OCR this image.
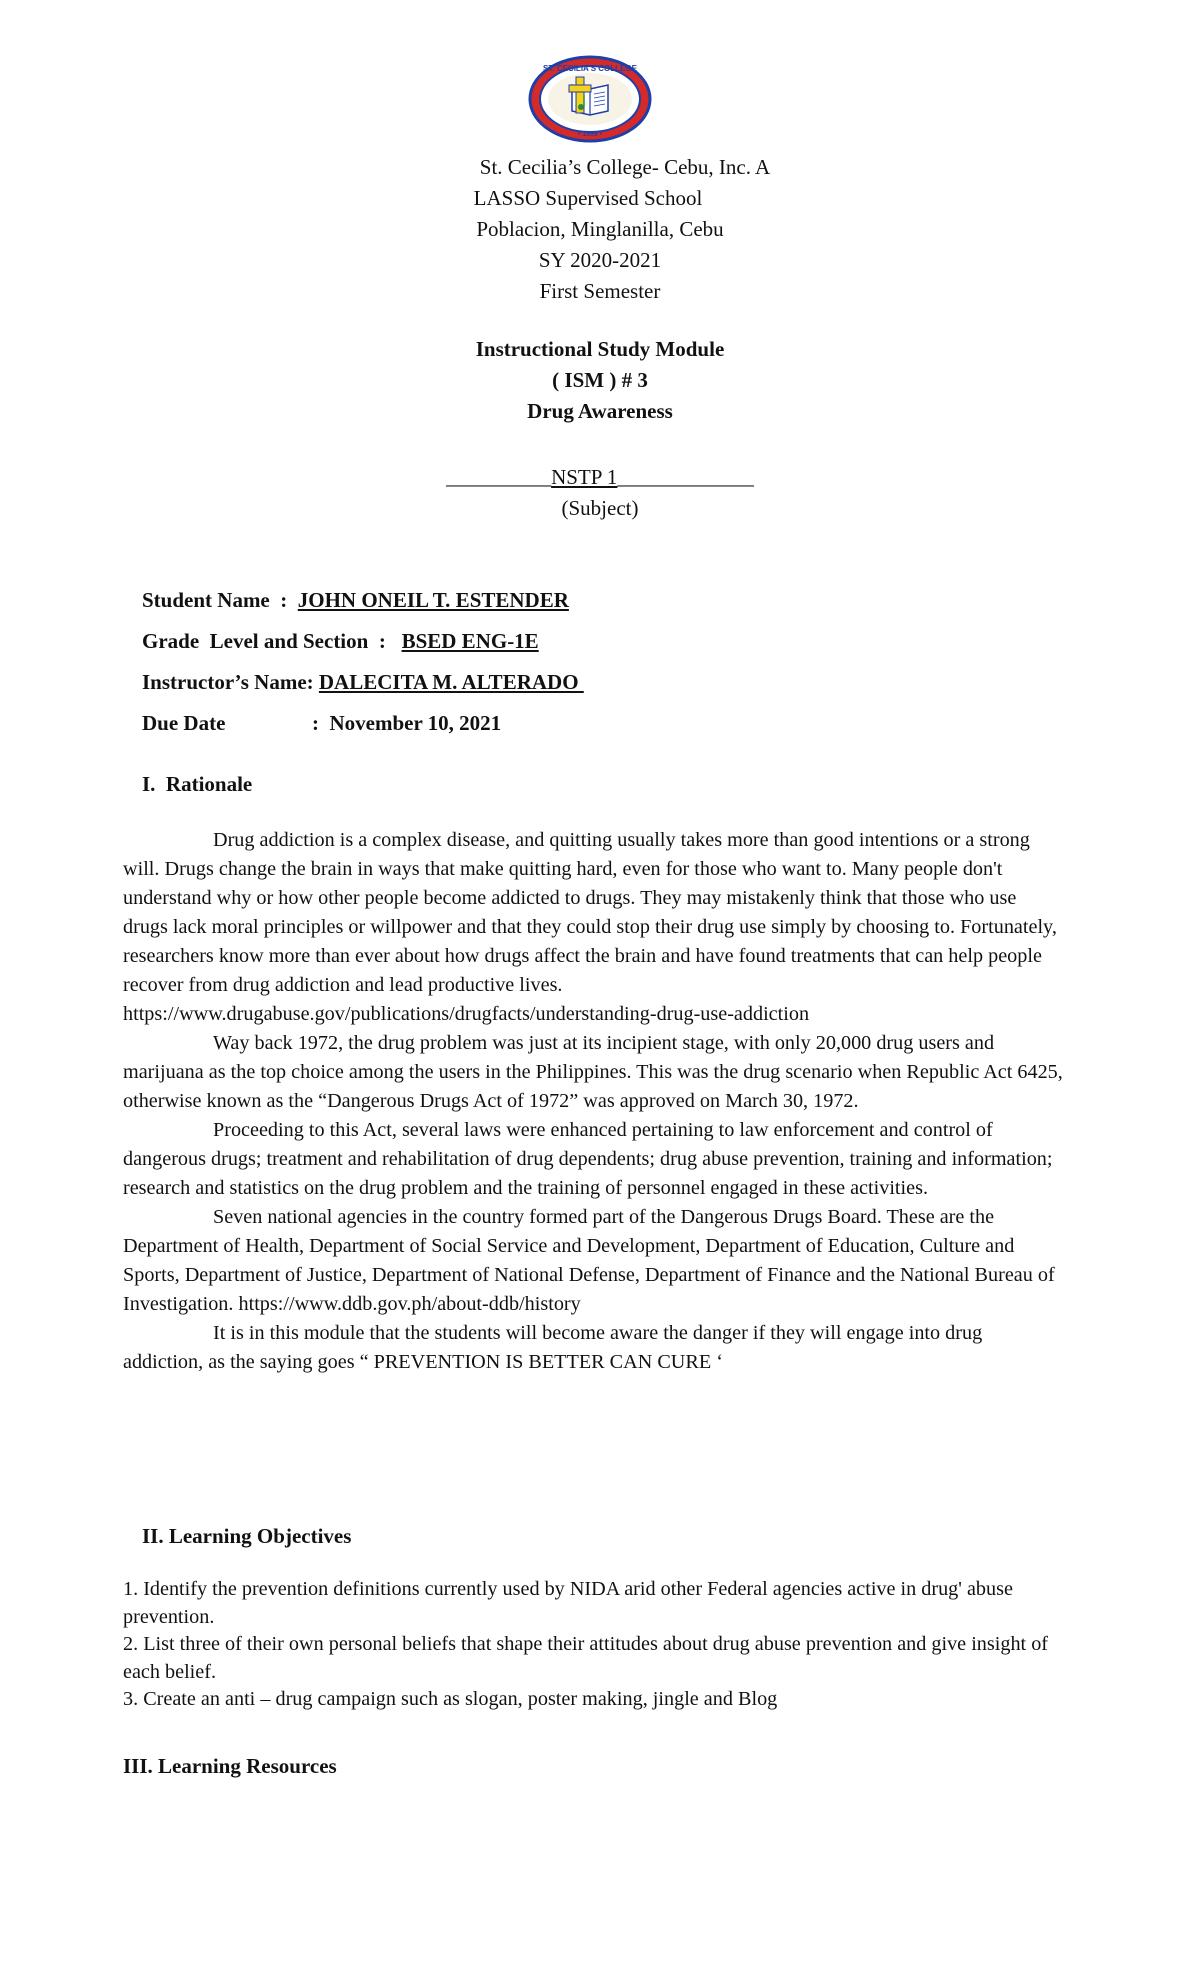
ST. CECILIA'S COLLEGE
• 1999 •
St. Cecilia’s College- Cebu, Inc. A
LASSO Supervised School
Poblacion, Minglanilla, Cebu
SY 2020-2021
First Semester
Instructional Study Module
( ISM ) # 3
Drug Awareness
__________NSTP 1_____________
(Subject)
Student Name  :  JOHN ONEIL T. ESTENDER
Grade  Level and Section  :   BSED ENG-1E
Instructor’s Name: DALECITA M. ALTERADO
Due Date	:  November 10, 2021
I.  Rationale

Drug addiction is a complex disease, and quitting usually takes more than good intentions or a strong will. Drugs change the brain in ways that make quitting hard, even for those who want to. Many people don't understand why or how other people become addicted to drugs. They may mistakenly think that those who use drugs lack moral principles or willpower and that they could stop their drug use simply by choosing to. Fortunately, researchers know more than ever about how drugs affect the brain and have found treatments that can help people recover from drug addiction and lead productive lives.

https://www.drugabuse.gov/publications/drugfacts/understanding-drug-use-addiction

Way back 1972, the drug problem was just at its incipient stage, with only 20,000 drug users and marijuana as the top choice among the users in the Philippines. This was the drug scenario when Republic Act 6425, otherwise known as the “Dangerous Drugs Act of 1972” was approved on March 30, 1972.

Proceeding to this Act, several laws were enhanced pertaining to law enforcement and control of dangerous drugs; treatment and rehabilitation of drug dependents; drug abuse prevention, training and information; research and statistics on the drug problem and the training of personnel engaged in these activities.

Seven national agencies in the country formed part of the Dangerous Drugs Board. These are the Department of Health, Department of Social Service and Development, Department of Education, Culture and Sports, Department of Justice, Department of National Defense, Department of Finance and the National Bureau of Investigation. https://www.ddb.gov.ph/about-ddb/history

It is in this module that the students will become aware the danger if they will engage into drug addiction, as the saying goes “ PREVENTION IS BETTER CAN CURE ‘

II. Learning Objectives

1. Identify the prevention definitions currently used by NIDA arid other Federal agencies active in drug' abuse prevention.

2. List three of their own personal beliefs that shape their attitudes about drug abuse prevention and give insight of each belief.

3. Create an anti – drug campaign such as slogan, poster making, jingle and Blog

III. Learning Resources
